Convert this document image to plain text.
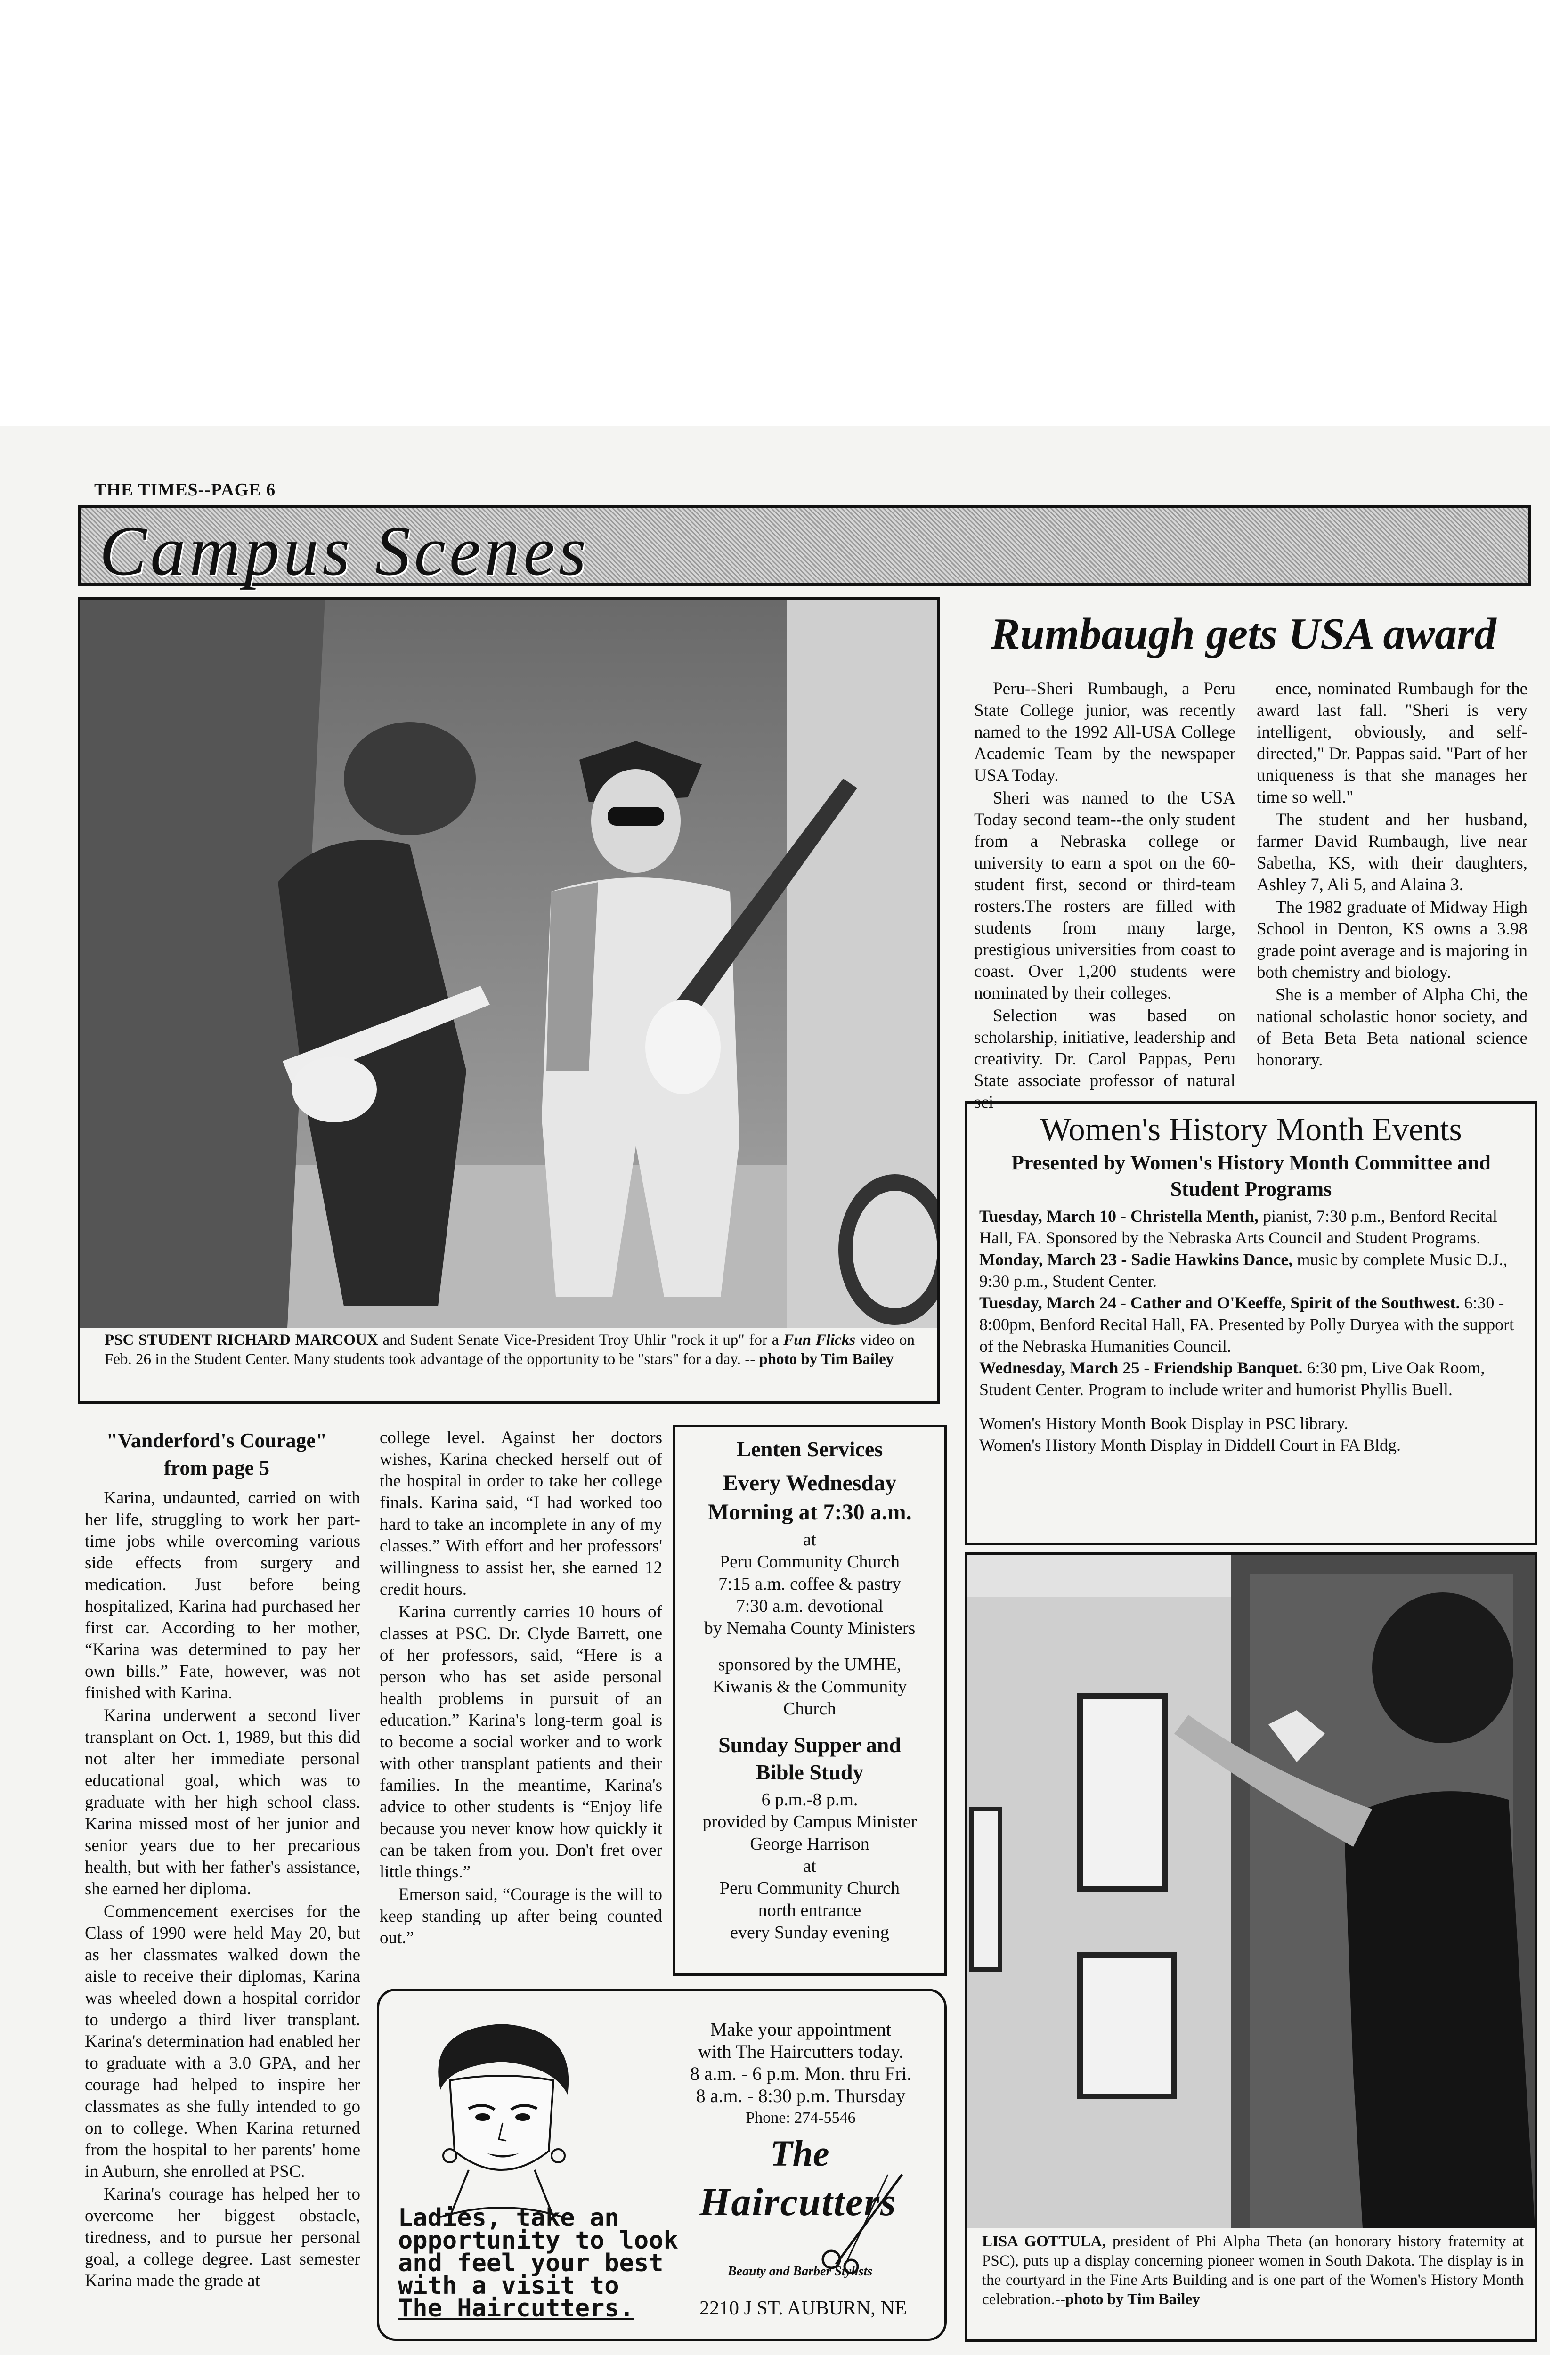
THE TIMES--PAGE 6
Campus Scenes
PSC STUDENT RICHARD MARCOUX and Sudent Senate Vice-President Troy Uhlir "rock it up" for a Fun Flicks video on Feb. 26 in the Student Center. Many students took advantage of the opportunity to be "stars" for a day. -- photo by Tim Bailey
Rumbaugh gets USA award

Peru--Sheri Rumbaugh, a Peru State College junior, was recently named to the 1992 All-USA College Academic Team by the newspaper USA Today.

Sheri was named to the USA Today second team--the only student from a Nebraska college or university to earn a spot on the 60-student first, second or third-team rosters.The rosters are filled with students from many large, prestigious universities from coast to coast. Over 1,200 students were nominated by their colleges.

Selection was based on scholarship, initiative, leadership and creativity. Dr. Carol Pappas, Peru State associate professor of natural sci-

ence, nominated Rumbaugh for the award last fall. "Sheri is very intelligent, obviously, and self-directed," Dr. Pappas said. "Part of her uniqueness is that she manages her time so well."

The student and her husband, farmer David Rumbaugh, live near Sabetha, KS, with their daughters, Ashley 7, Ali 5, and Alaina 3.

The 1982 graduate of Midway High School in Denton, KS owns a 3.98 grade point average and is majoring in both chemistry and biology.

She is a member of Alpha Chi, the national scholastic honor society, and of Beta Beta Beta national science honorary.

Women's History Month Events
Presented by Women's History Month Committee and Student Programs
Tuesday, March 10 - Christella Menth, pianist, 7:30 p.m., Benford Recital Hall, FA. Sponsored by the Nebraska Arts Council and Student Programs.
Monday, March 23 - Sadie Hawkins Dance, music by complete Music D.J., 9:30 p.m., Student Center.
Tuesday, March 24 - Cather and O'Keeffe, Spirit of the Southwest. 6:30 - 8:00pm, Benford Recital Hall, FA. Presented by Polly Duryea with the support of the Nebraska Humanities Council.
Wednesday, March 25 - Friendship Banquet. 6:30 pm, Live Oak Room, Student Center. Program to include writer and humorist Phyllis Buell.
Women's History Month Book Display in PSC library.
Women's History Month Display in Diddell Court in FA Bldg.
"Vanderford's Courage" from page 5

Karina, undaunted, carried on with her life, struggling to work her part-time jobs while overcoming various side effects from surgery and medication. Just before being hospitalized, Karina had purchased her first car. According to her mother, “Karina was determined to pay her own bills.” Fate, however, was not finished with Karina.

Karina underwent a second liver transplant on Oct. 1, 1989, but this did not alter her immediate personal educational goal, which was to graduate with her high school class. Karina missed most of her junior and senior years due to her precarious health, but with her father's assistance, she earned her diploma.

Commencement exercises for the Class of 1990 were held May 20, but as her classmates walked down the aisle to receive their diplomas, Karina was wheeled down a hospital corridor to undergo a third liver transplant. Karina's determination had enabled her to graduate with a 3.0 GPA, and her courage had helped to inspire her classmates as she fully intended to go on to college. When Karina returned from the hospital to her parents' home in Auburn, she enrolled at PSC.

Karina's courage has helped her to overcome her biggest obstacle, tiredness, and to pursue her personal goal, a college degree. Last semester Karina made the grade at

college level. Against her doctors wishes, Karina checked herself out of the hospital in order to take her college finals. Karina said, “I had worked too hard to take an incomplete in any of my classes.” With effort and her professors' willingness to assist her, she earned 12 credit hours.

Karina currently carries 10 hours of classes at PSC. Dr. Clyde Barrett, one of her professors, said, “Here is a person who has set aside personal health problems in pursuit of an education.” Karina's long-term goal is to become a social worker and to work with other transplant patients and their families. In the meantime, Karina's advice to other students is “Enjoy life because you never know how quickly it can be taken from you. Don't fret over little things.”

Emerson said, “Courage is the will to keep standing up after being counted out.”

Lenten Services
Every Wednesday Morning at 7:30 a.m.
at
Peru Community Church
7:15 a.m. coffee & pastry
7:30 a.m. devotional
by Nemaha County Ministers
sponsored by the UMHE,
Kiwanis & the Community
Church
Sunday Supper and Bible Study
6 p.m.-8 p.m.
provided by Campus Minister
George Harrison
at
Peru Community Church
north entrance
every Sunday evening
Make your appointment
with The Haircutters today.
8 a.m. - 6 p.m. Mon. thru Fri.
8 a.m. - 8:30 p.m. Thursday
Phone: 274-5546
The
Haircutters
Beauty and Barber Stylists
Ladies, take an
opportunity to look
and feel your best
with a visit to
The Haircutters.	2210 J ST. AUBURN, NE
LISA GOTTULA, president of Phi Alpha Theta (an honorary history fraternity at PSC), puts up a display concerning pioneer women in South Dakota. The display is in the courtyard in the Fine Arts Building and is one part of the Women's History Month celebration.--photo by Tim Bailey
